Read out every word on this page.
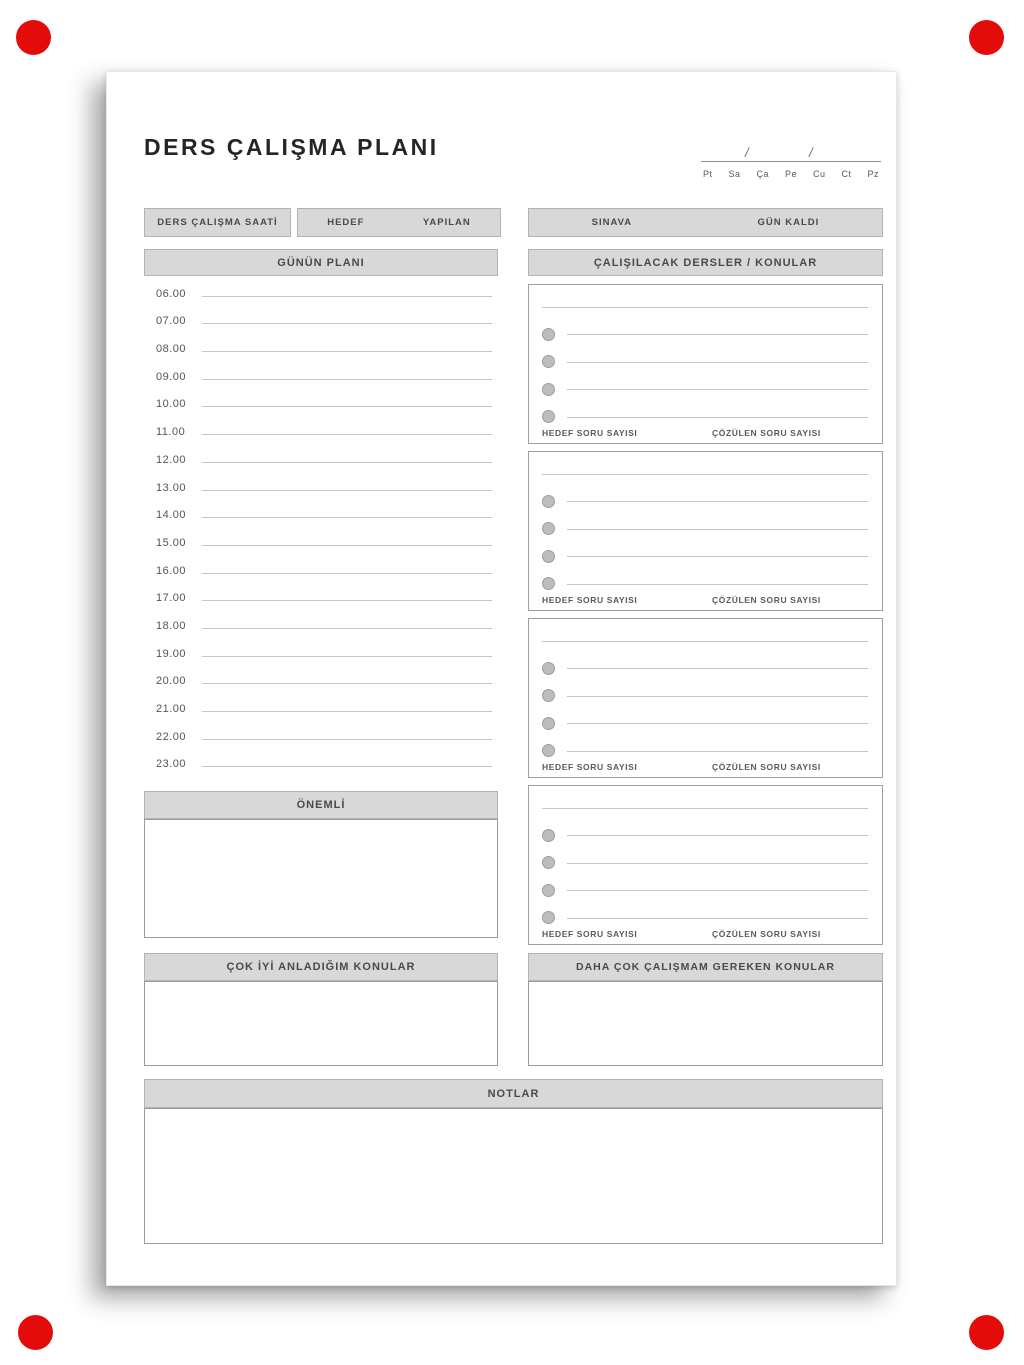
DERS ÇALIŞMA PLANI	/	/
Pt Sa Ça Pe Cu Ct Pz
DERS ÇALIŞMA SAATİ	HEDEF	YAPILAN	SINAVA	GÜN KALDI
GÜNÜN PLANI	ÇALIŞILACAK DERSLER / KONULAR
06.00
07.00
08.00
09.00
10.00
11.00
12.00
13.00
14.00
15.00
16.00
17.00
18.00
19.00
20.00
21.00
22.00
23.00
HEDEF SORU SAYISI	ÇÖZÜLEN SORU SAYISI
HEDEF SORU SAYISI	ÇÖZÜLEN SORU SAYISI
HEDEF SORU SAYISI	ÇÖZÜLEN SORU SAYISI
HEDEF SORU SAYISI	ÇÖZÜLEN SORU SAYISI
ÖNEMLİ
ÇOK İYİ ANLADIĞIM KONULAR	DAHA ÇOK ÇALIŞMAM GEREKEN KONULAR
NOTLAR
